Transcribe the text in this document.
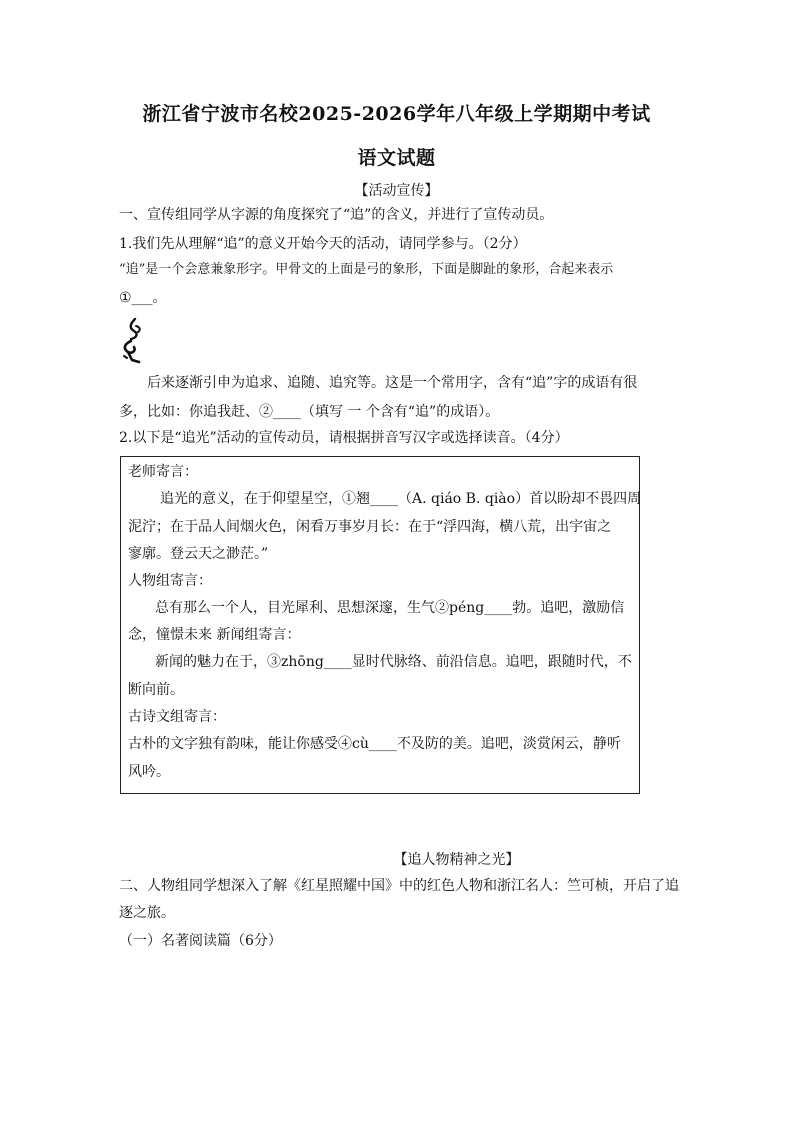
浙江省宁波市名校2025-2026学年八年级上学期期中考试
语文试题
【活动宣传】
一、宣传组同学从字源的角度探究了“追”的含义，并进行了宣传动员。
1.我们先从理解“追”的意义开始今天的活动，请同学参与。（2分）
“追”是一个会意兼象形字。甲骨文的上面是弓的象形，下面是脚趾的象形，合起来表示
①___。
后来逐渐引申为追求、追随、追究等。这是一个常用字，含有“追”字的成语有很
多，比如：你追我赶、②____（填写 一 个含有“追”的成语）。
2.以下是“追光”活动的宣传动员，请根据拼音写汉字或选择读音。（4分）
老师寄言：
追光的意义，在于仰望星空，①翘____（A. qiáo B. qiào）首以盼却不畏四周
泥泞；在于品人间烟火色，闲看万事岁月长：在于“浮四海，横八荒，出宇宙之
寥廓。登云天之渺茫。”
人物组寄言：
总有那么一个人，目光犀利、思想深邃，生气②péng____勃。追吧，激励信
念，憧憬未来 新闻组寄言：
新闻的魅力在于，③zhōng____显时代脉络、前沿信息。追吧，跟随时代，不
断向前。
古诗文组寄言：
古朴的文字独有韵味，能让你感受④cù____不及防的美。追吧，淡赏闲云，静听
风吟。
【追人物精神之光】
二、人物组同学想深入了解《红星照耀中国》中的红色人物和浙江名人：竺可桢，开启了追
逐之旅。
（一）名著阅读篇（6分）
